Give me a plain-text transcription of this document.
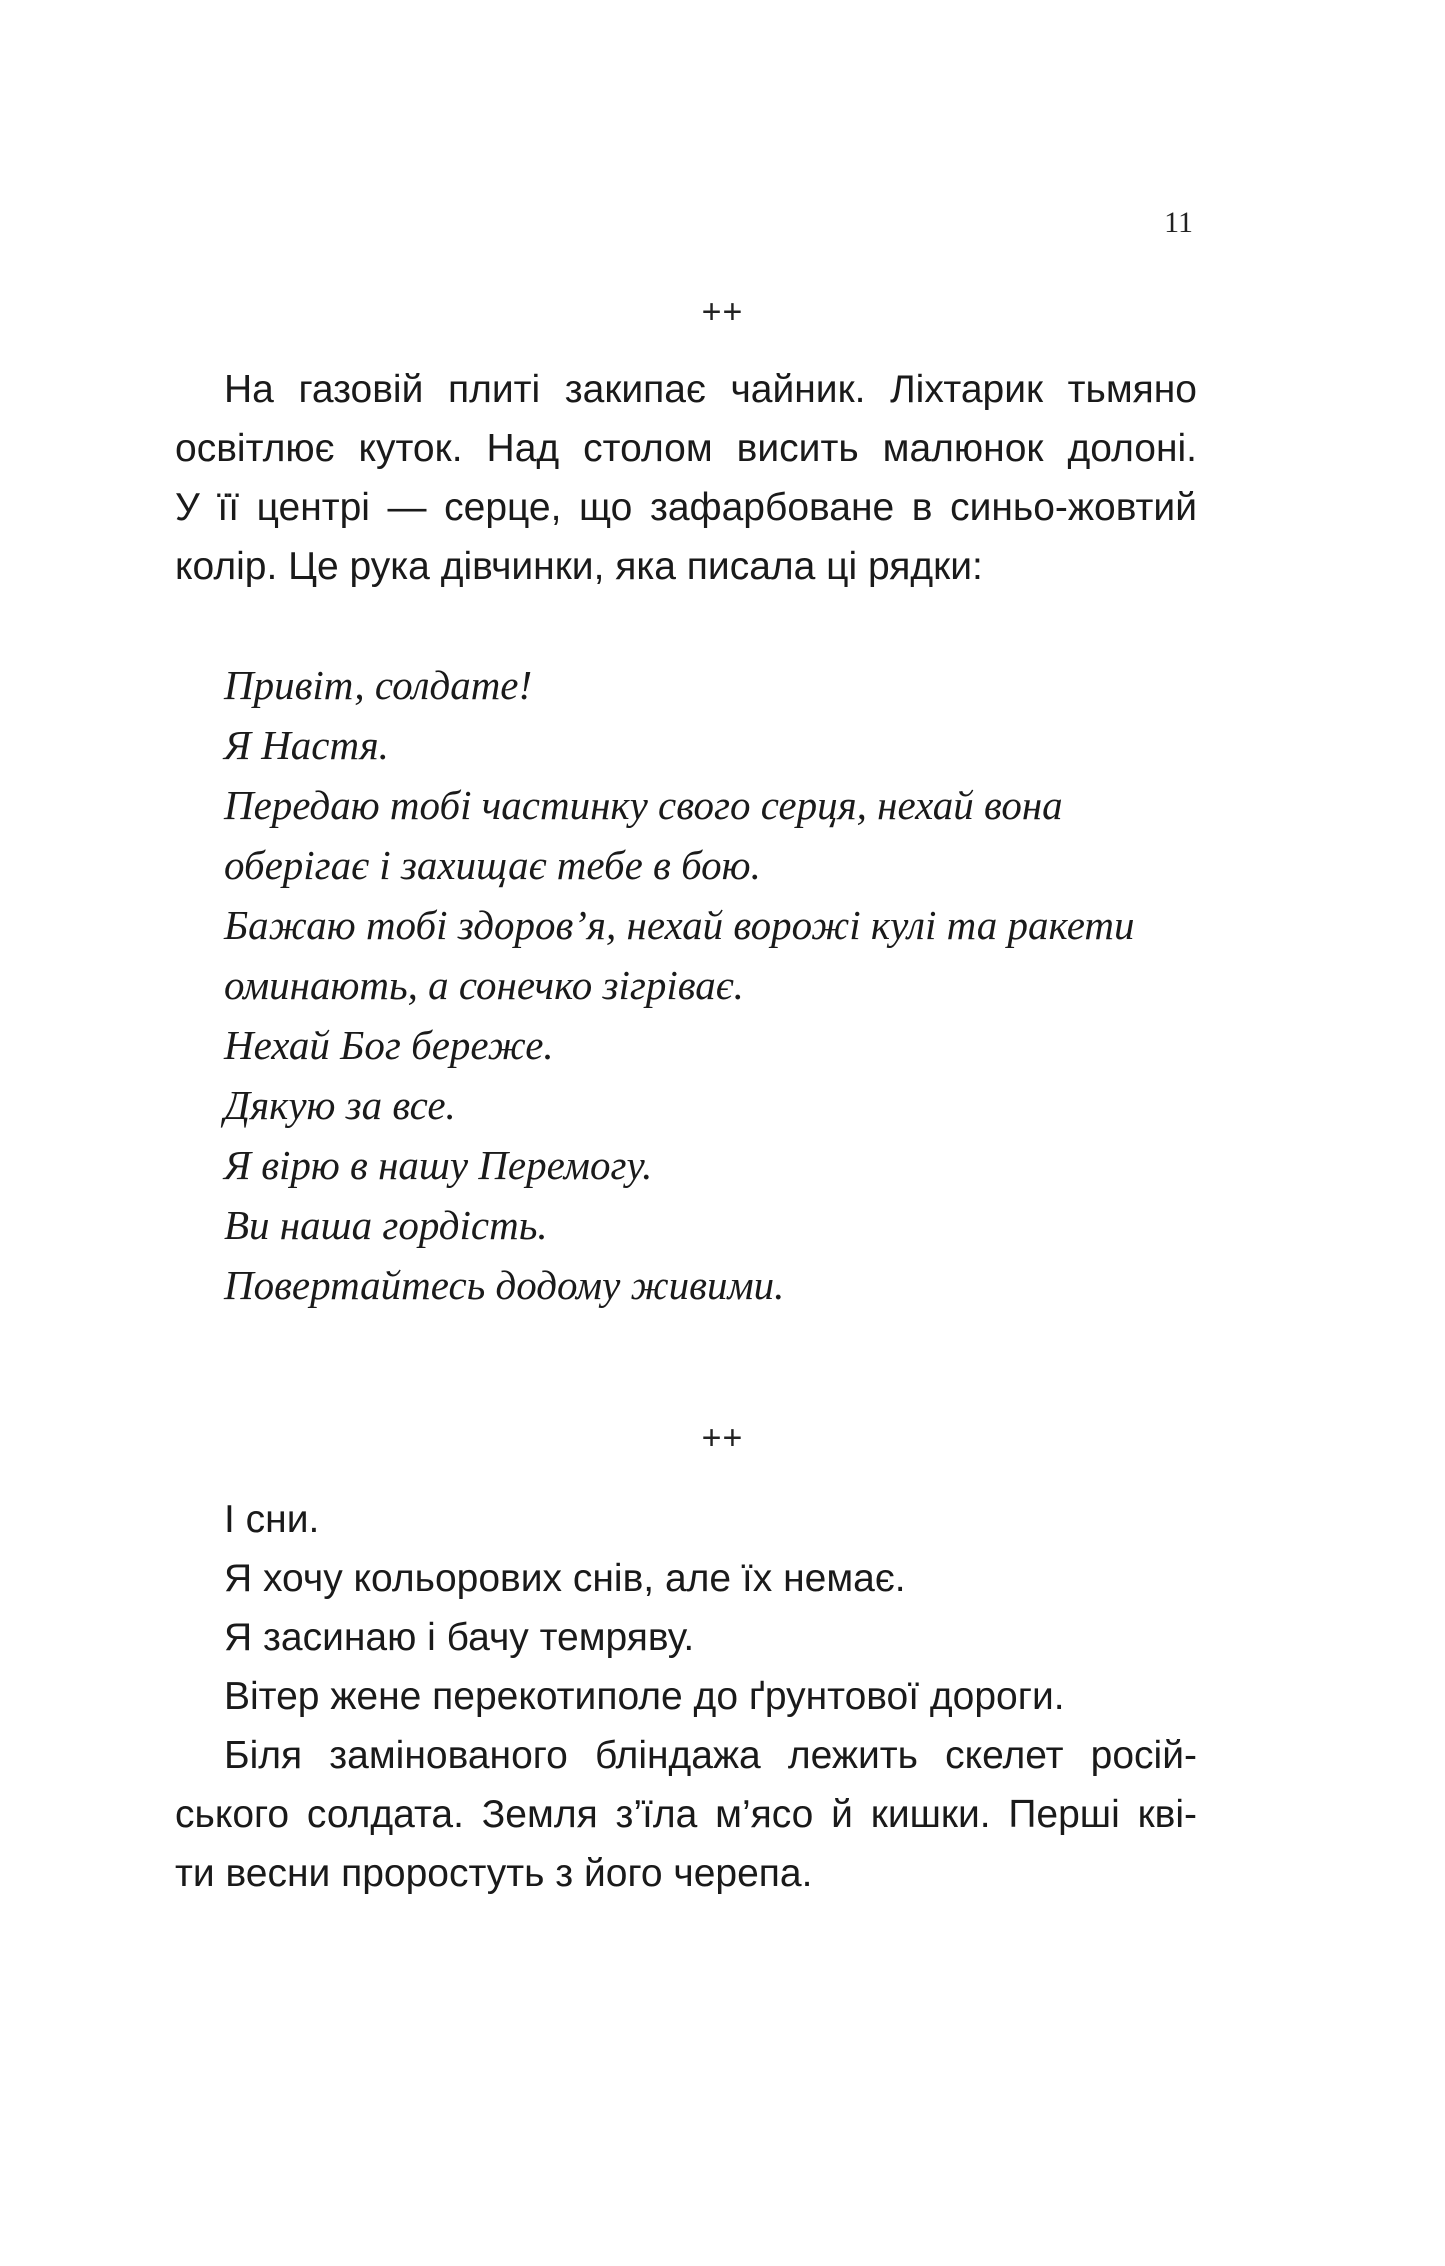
11
++
На газовій плиті закипає чайник. Ліхтарик тьмяно
освітлює куток. Над столом висить малюнок долоні.
У її центрі — серце, що зафарбоване в синьо-жовтий
колір. Це рука дівчинки, яка писала ці рядки:
Привіт, солдате!
Я Настя.
Передаю тобі частинку свого серця, нехай вона
оберігає і захищає тебе в бою.
Бажаю тобі здоров’я, нехай ворожі кулі та ракети
оминають, а сонечко зігріває.
Нехай Бог береже.
Дякую за все.
Я вірю в нашу Перемогу.
Ви наша гордість.
Повертайтесь додому живими.
++
І сни.
Я хочу кольорових снів, але їх немає.
Я засинаю і бачу темряву.
Вітер жене перекотиполе до ґрунтової дороги.
Біля замінованого бліндажа лежить скелет росій-
ського солдата. Земля з’їла м’ясо й кишки. Перші кві-
ти весни проростуть з його черепа.
